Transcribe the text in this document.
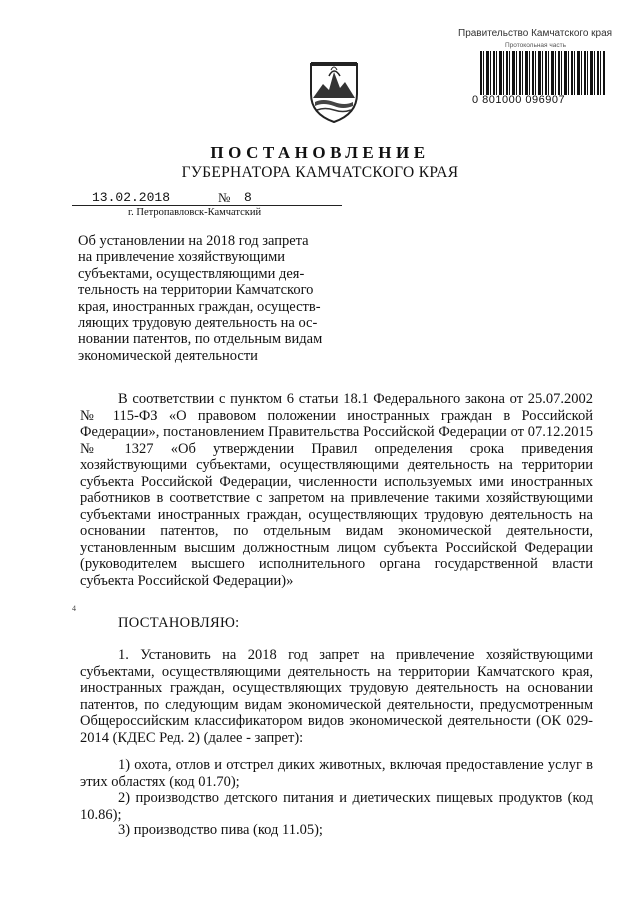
Правительство Камчатского края
Протокольная часть
0 801000 096907
ПОСТАНОВЛЕНИЕ
ГУБЕРНАТОРА КАМЧАТСКОГО КРАЯ
13.02.2018	№ 8
г. Петропавловск-Камчатский
Об установлении на 2018 год запрета
на привлечение хозяйствующими
субъектами, осуществляющими дея-
тельность на территории Камчатского
края, иностранных граждан, осуществ-
ляющих трудовую деятельность на ос-
новании патентов, по отдельным видам
экономической деятельности
В соответствии с пунктом 6 статьи 18.1 Федерального закона от 25.07.2002 № 115-ФЗ «О правовом положении иностранных граждан в Российской Федерации», постановлением Правительства Российской Федерации от 07.12.2015 № 1327 «Об утверждении Правил определения срока приведения хозяйствующими субъектами, осуществляющими деятельность на территории субъекта Российской Федерации, численности используемых ими иностранных работников в соответствие с запретом на привлечение такими хозяйствующими субъектами иностранных граждан, осуществляющих трудовую деятельность на основании патентов, по отдельным видам экономической деятельности, установленным высшим должностным лицом субъекта Российской Федерации (руководителем высшего исполнительного органа государственной власти субъекта Российской Федерации)»
4
ПОСТАНОВЛЯЮ:
1. Установить на 2018 год запрет на привлечение хозяйствующими субъектами, осуществляющими деятельность на территории Камчатского края, иностранных граждан, осуществляющих трудовую деятельность на основании патентов, по следующим видам экономической деятельности, предусмотренным Общероссийским классификатором видов экономической деятельности (ОК 029-2014 (КДЕС Ред. 2) (далее - запрет):
1) охота, отлов и отстрел диких животных, включая предоставление услуг в этих областях (код 01.70);
2) производство детского питания и диетических пищевых продуктов (код 10.86);
3) производство пива (код 11.05);
